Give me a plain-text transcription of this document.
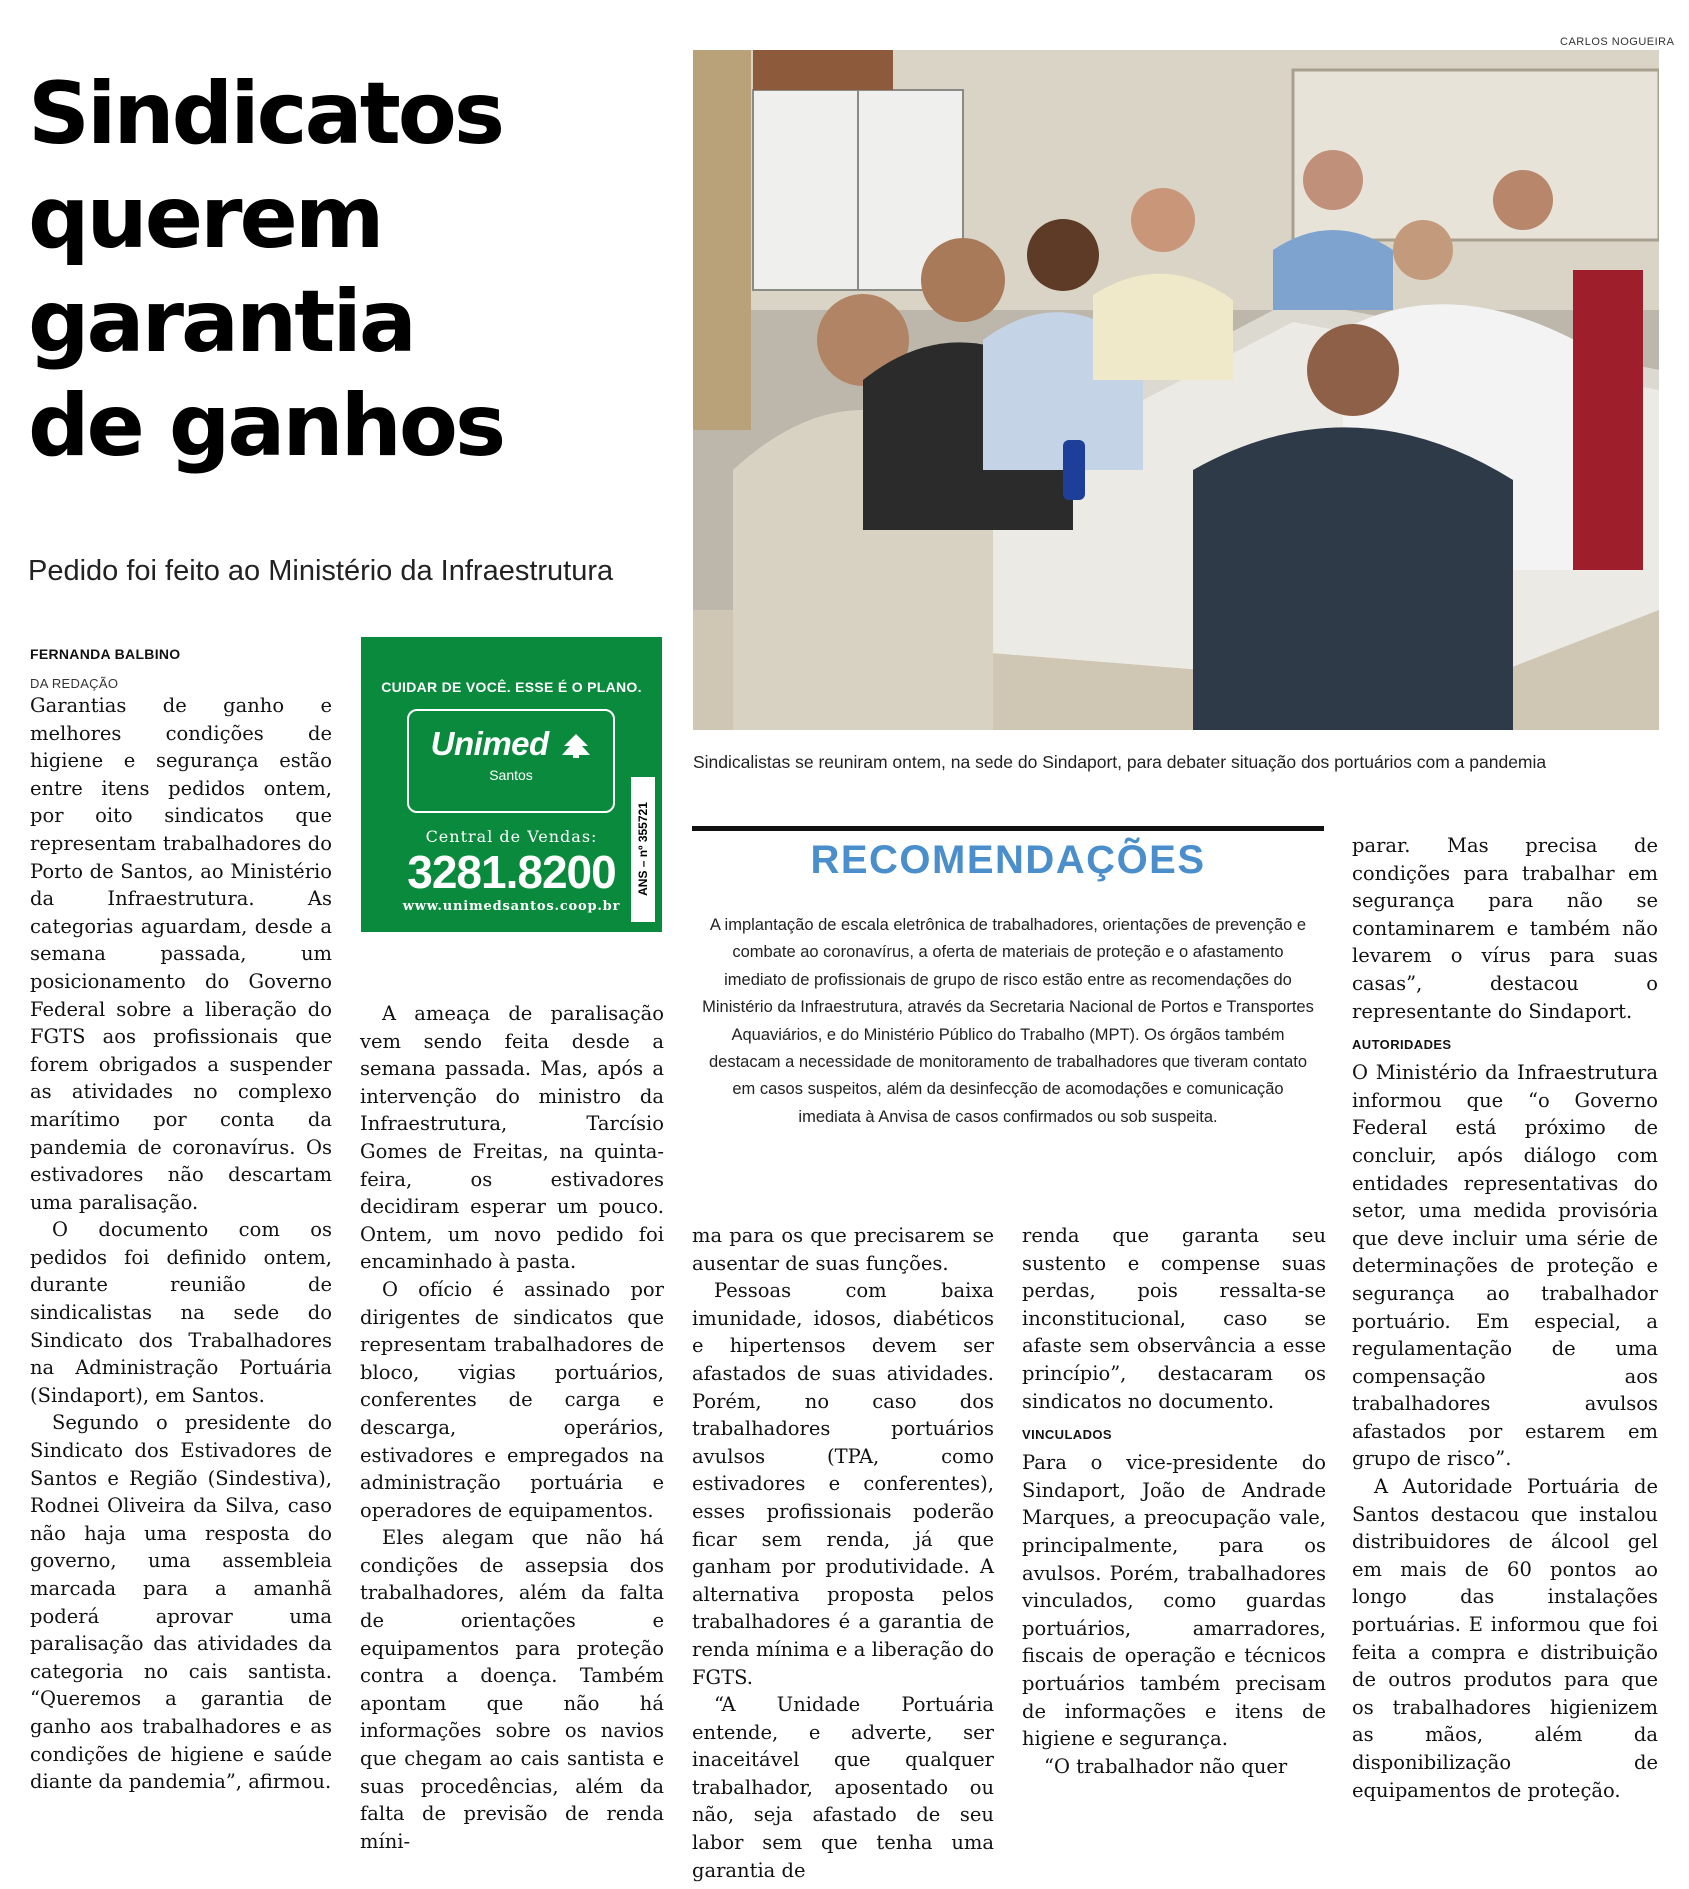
Sindicatos
querem
garantia
de ganhos
Pedido foi feito ao Ministério da Infraestrutura
FERNANDA BALBINO
DA REDAÇÃO

Garantias de ganho e melhores condições de higiene e segurança estão entre itens pedidos ontem, por oito sindicatos que representam trabalhadores do Porto de Santos, ao Ministério da Infraestrutura. As categorias aguardam, desde a semana passada, um posicionamento do Governo Federal sobre a liberação do FGTS aos profissionais que forem obrigados a suspender as atividades no complexo marítimo por conta da pandemia de coronavírus. Os estivadores não descartam uma paralisação.

O documento com os pedidos foi definido ontem, durante reunião de sindicalistas na sede do Sindicato dos Trabalhadores na Administração Portuária (Sindaport), em Santos.

Segundo o presidente do Sindicato dos Estivadores de Santos e Região (Sindestiva), Rodnei Oliveira da Silva, caso não haja uma resposta do governo, uma assembleia marcada para a amanhã poderá aprovar uma paralisação das atividades da categoria no cais santista. “Queremos a garantia de ganho aos trabalhadores e as condições de higiene e saúde diante da pandemia”, afirmou.

CUIDAR DE VOCÊ. ESSE É O PLANO.
Unimed
Santos
Central de Vendas:
3281.8200
www.unimedsantos.coop.br
ANS – nº 355721

A ameaça de paralisação vem sendo feita desde a semana passada. Mas, após a intervenção do ministro da Infraestrutura, Tarcísio Gomes de Freitas, na quinta-feira, os estivadores decidiram esperar um pouco. Ontem, um novo pedido foi encaminhado à pasta.

O ofício é assinado por dirigentes de sindicatos que representam trabalhadores de bloco, vigias portuários, conferentes de carga e descarga, operários, estivadores e empregados na administração portuária e operadores de equipamentos.

Eles alegam que não há condições de assepsia dos trabalhadores, além da falta de orientações e equipamentos para proteção contra a doença. Também apontam que não há informações sobre os navios que chegam ao cais santista e suas procedências, além da falta de previsão de renda míni-

CARLOS NOGUEIRA
Sindicalistas se reuniram ontem, na sede do Sindaport, para debater situação dos portuários com a pandemia
RECOMENDAÇÕES
A implantação de escala eletrônica de trabalhadores, orientações de prevenção e combate ao coronavírus, a oferta de materiais de proteção e o afastamento imediato de profissionais de grupo de risco estão entre as recomendações do Ministério da Infraestrutura, através da Secretaria Nacional de Portos e Transportes Aquaviários, e do Ministério Público do Trabalho (MPT). Os órgãos também destacam a necessidade de monitoramento de trabalhadores que tiveram contato em casos suspeitos, além da desinfecção de acomodações e comunicação imediata à Anvisa de casos confirmados ou sob suspeita.

ma para os que precisarem se ausentar de suas funções.

Pessoas com baixa imunidade, idosos, diabéticos e hipertensos devem ser afastados de suas atividades. Porém, no caso dos trabalhadores portuários avulsos (TPA, como estivadores e conferentes), esses profissionais poderão ficar sem renda, já que ganham por produtividade. A alternativa proposta pelos trabalhadores é a garantia de renda mínima e a liberação do FGTS.

“A Unidade Portuária entende, e adverte, ser inaceitável que qualquer trabalhador, aposentado ou não, seja afastado de seu labor sem que tenha uma garantia de

renda que garanta seu sustento e compense suas perdas, pois ressalta-se inconstitucional, caso se afaste sem observância a esse princípio”, destacaram os sindicatos no documento.

VINCULADOS

Para o vice-presidente do Sindaport, João de Andrade Marques, a preocupação vale, principalmente, para os avulsos. Porém, trabalhadores vinculados, como guardas portuários, amarradores, fiscais de operação e técnicos portuários também precisam de informações e itens de higiene e segurança.

“O trabalhador não quer

parar. Mas precisa de condições para trabalhar em segurança para não se contaminarem e também não levarem o vírus para suas casas”, destacou o representante do Sindaport.

AUTORIDADES

O Ministério da Infraestrutura informou que “o Governo Federal está próximo de concluir, após diálogo com entidades representativas do setor, uma medida provisória que deve incluir uma série de determinações de proteção e segurança ao trabalhador portuário. Em especial, a regulamentação de uma compensação aos trabalhadores avulsos afastados por estarem em grupo de risco”.

A Autoridade Portuária de Santos destacou que instalou distribuidores de álcool gel em mais de 60 pontos ao longo das instalações portuárias. E informou que foi feita a compra e distribuição de outros produtos para que os trabalhadores higienizem as mãos, além da disponibilização de equipamentos de proteção.
